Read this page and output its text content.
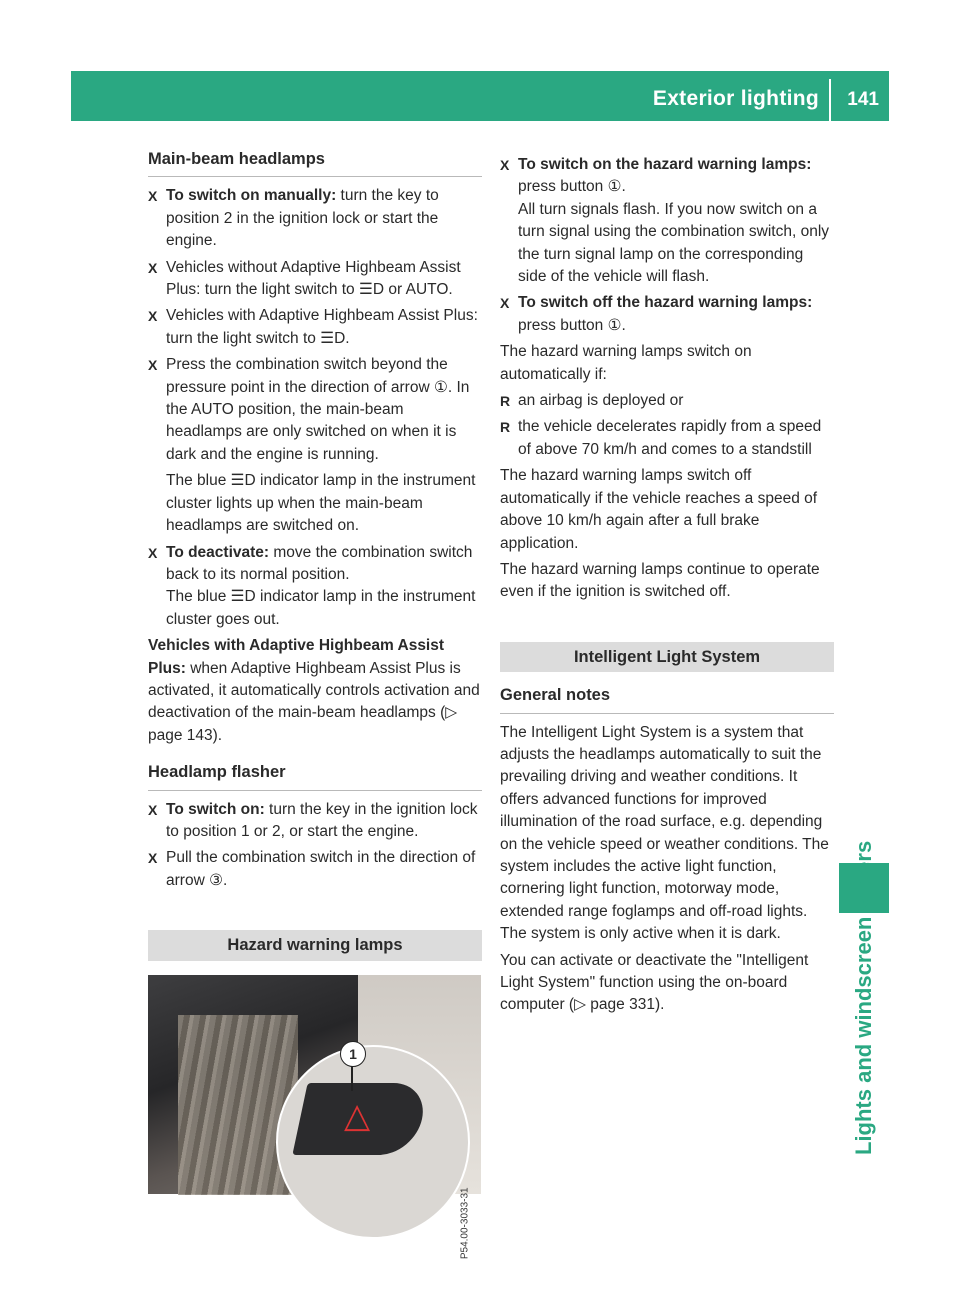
Exterior lighting 141
Lights and windscreen wipers
Main-beam headlamps
X To switch on manually: turn the key to position 2 in the ignition lock or start the engine.
X Vehicles without Adaptive Highbeam Assist Plus: turn the light switch to ☰D or AUTO.
X Vehicles with Adaptive Highbeam Assist Plus: turn the light switch to ☰D.
X Press the combination switch beyond the pressure point in the direction of arrow ①. In the AUTO position, the main-beam headlamps are only switched on when it is dark and the engine is running.
The blue ☰D indicator lamp in the instrument cluster lights up when the main-beam headlamps are switched on.
X To deactivate: move the combination switch back to its normal position.
The blue ☰D indicator lamp in the instrument cluster goes out.
Vehicles with Adaptive Highbeam Assist Plus: when Adaptive Highbeam Assist Plus is activated, it automatically controls activation and deactivation of the main-beam headlamps (▷ page 143).
Headlamp flasher
X To switch on: turn the key in the ignition lock to position 1 or 2, or start the engine.
X Pull the combination switch in the direction of arrow ③.
Hazard warning lamps
△
1
P54.00-3033-31
X To switch on the hazard warning lamps: press button ①.
All turn signals flash. If you now switch on a turn signal using the combination switch, only the turn signal lamp on the corresponding side of the vehicle will flash.
X To switch off the hazard warning lamps: press button ①.
The hazard warning lamps switch on automatically if:
R an airbag is deployed or
R the vehicle decelerates rapidly from a speed of above 70 km/h and comes to a standstill
The hazard warning lamps switch off automatically if the vehicle reaches a speed of above 10 km/h again after a full brake application.
The hazard warning lamps continue to operate even if the ignition is switched off.
Intelligent Light System
General notes
The Intelligent Light System is a system that adjusts the headlamps automatically to suit the prevailing driving and weather conditions. It offers advanced functions for improved illumination of the road surface, e.g. depending on the vehicle speed or weather conditions. The system includes the active light function, cornering light function, motorway mode, extended range foglamps and off-road lights. The system is only active when it is dark.
You can activate or deactivate the "Intelligent Light System" function using the on-board computer (▷ page 331).
